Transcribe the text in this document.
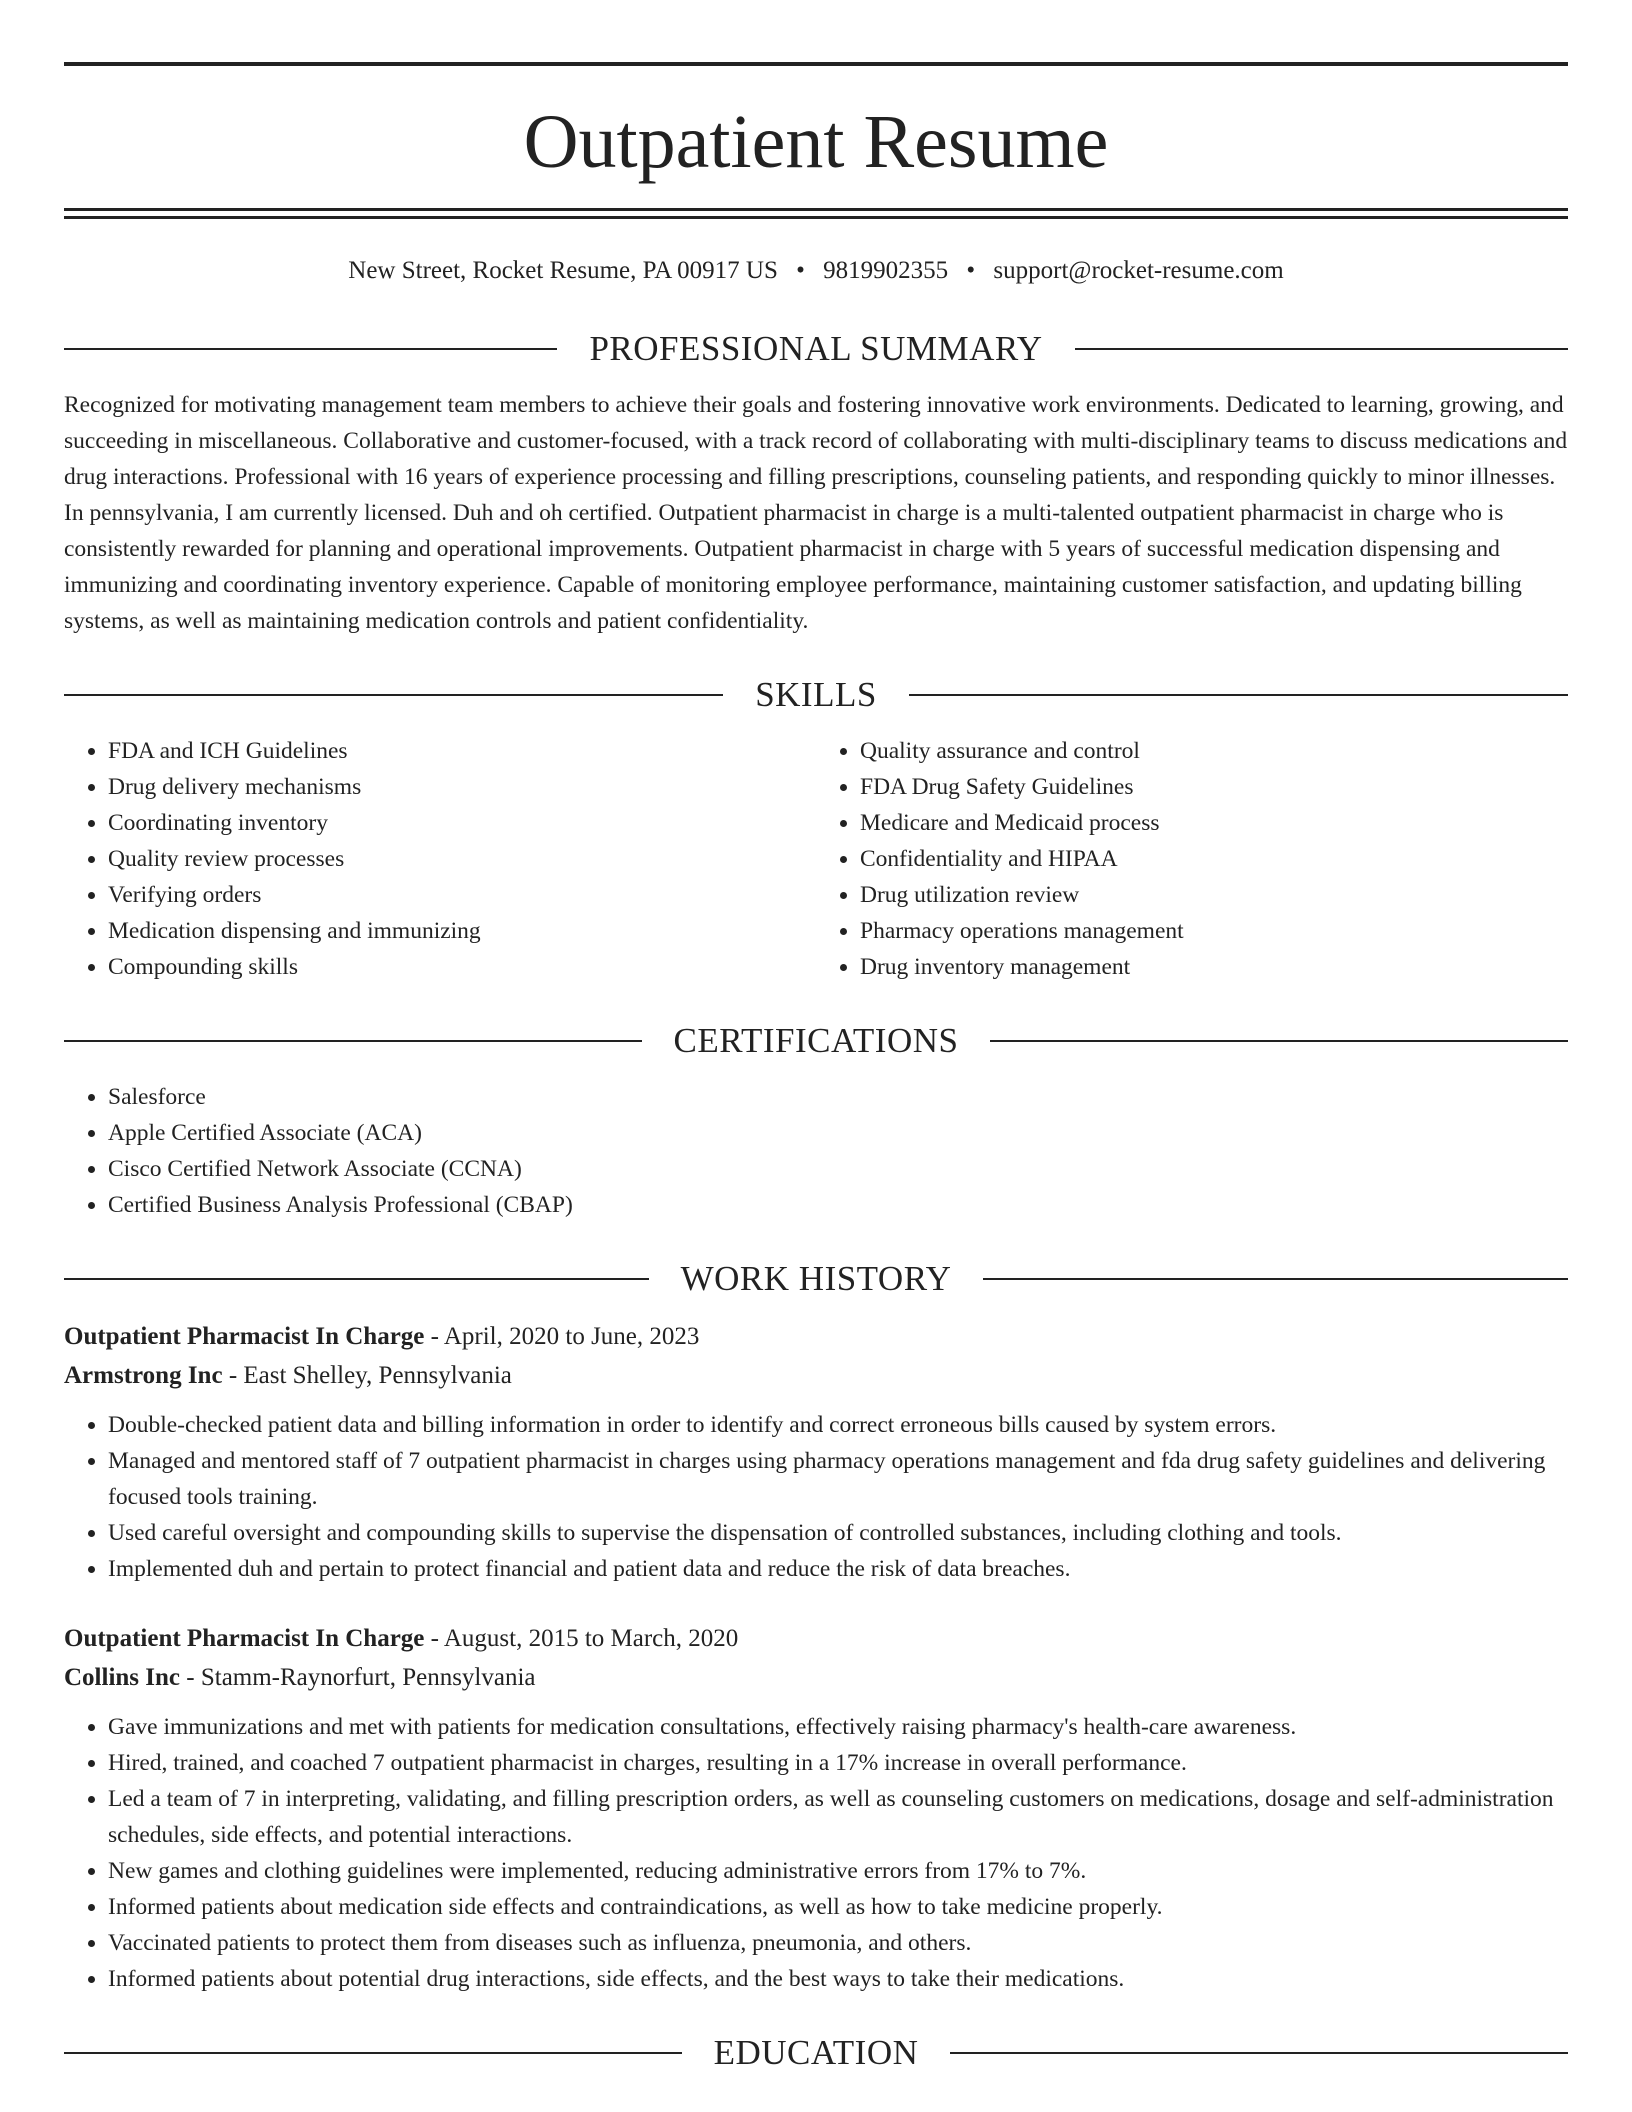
Outpatient Resume
New Street, Rocket Resume, PA 00917 US • 9819902355 • support@rocket-resume.com
PROFESSIONAL SUMMARY

Recognized for motivating management team members to achieve their goals and fostering innovative work environments. Dedicated to learning, growing, and succeeding in miscellaneous. Collaborative and customer-focused, with a track record of collaborating with multi-disciplinary teams to discuss medications and drug interactions. Professional with 16 years of experience processing and filling prescriptions, counseling patients, and responding quickly to minor illnesses. In pennsylvania, I am currently licensed. Duh and oh certified. Outpatient pharmacist in charge is a multi-talented outpatient pharmacist in charge who is consistently rewarded for planning and operational improvements. Outpatient pharmacist in charge with 5 years of successful medication dispensing and immunizing and coordinating inventory experience. Capable of monitoring employee performance, maintaining customer satisfaction, and updating billing systems, as well as maintaining medication controls and patient confidentiality.

SKILLS
• FDA and ICH Guidelines
• Drug delivery mechanisms
• Coordinating inventory
• Quality review processes
• Verifying orders
• Medication dispensing and immunizing
• Compounding skills
• Quality assurance and control
• FDA Drug Safety Guidelines
• Medicare and Medicaid process
• Confidentiality and HIPAA
• Drug utilization review
• Pharmacy operations management
• Drug inventory management
CERTIFICATIONS
• Salesforce
• Apple Certified Associate (ACA)
• Cisco Certified Network Associate (CCNA)
• Certified Business Analysis Professional (CBAP)
WORK HISTORY
Outpatient Pharmacist In Charge - April, 2020 to June, 2023
Armstrong Inc - East Shelley, Pennsylvania
• Double-checked patient data and billing information in order to identify and correct erroneous bills caused by system errors.
• Managed and mentored staff of 7 outpatient pharmacist in charges using pharmacy operations management and fda drug safety guidelines and delivering focused tools training.
• Used careful oversight and compounding skills to supervise the dispensation of controlled substances, including clothing and tools.
• Implemented duh and pertain to protect financial and patient data and reduce the risk of data breaches.
Outpatient Pharmacist In Charge - August, 2015 to March, 2020
Collins Inc - Stamm-Raynorfurt, Pennsylvania
• Gave immunizations and met with patients for medication consultations, effectively raising pharmacy's health-care awareness.
• Hired, trained, and coached 7 outpatient pharmacist in charges, resulting in a 17% increase in overall performance.
• Led a team of 7 in interpreting, validating, and filling prescription orders, as well as counseling customers on medications, dosage and self-administration schedules, side effects, and potential interactions.
• New games and clothing guidelines were implemented, reducing administrative errors from 17% to 7%.
• Informed patients about medication side effects and contraindications, as well as how to take medicine properly.
• Vaccinated patients to protect them from diseases such as influenza, pneumonia, and others.
• Informed patients about potential drug interactions, side effects, and the best ways to take their medications.
EDUCATION
